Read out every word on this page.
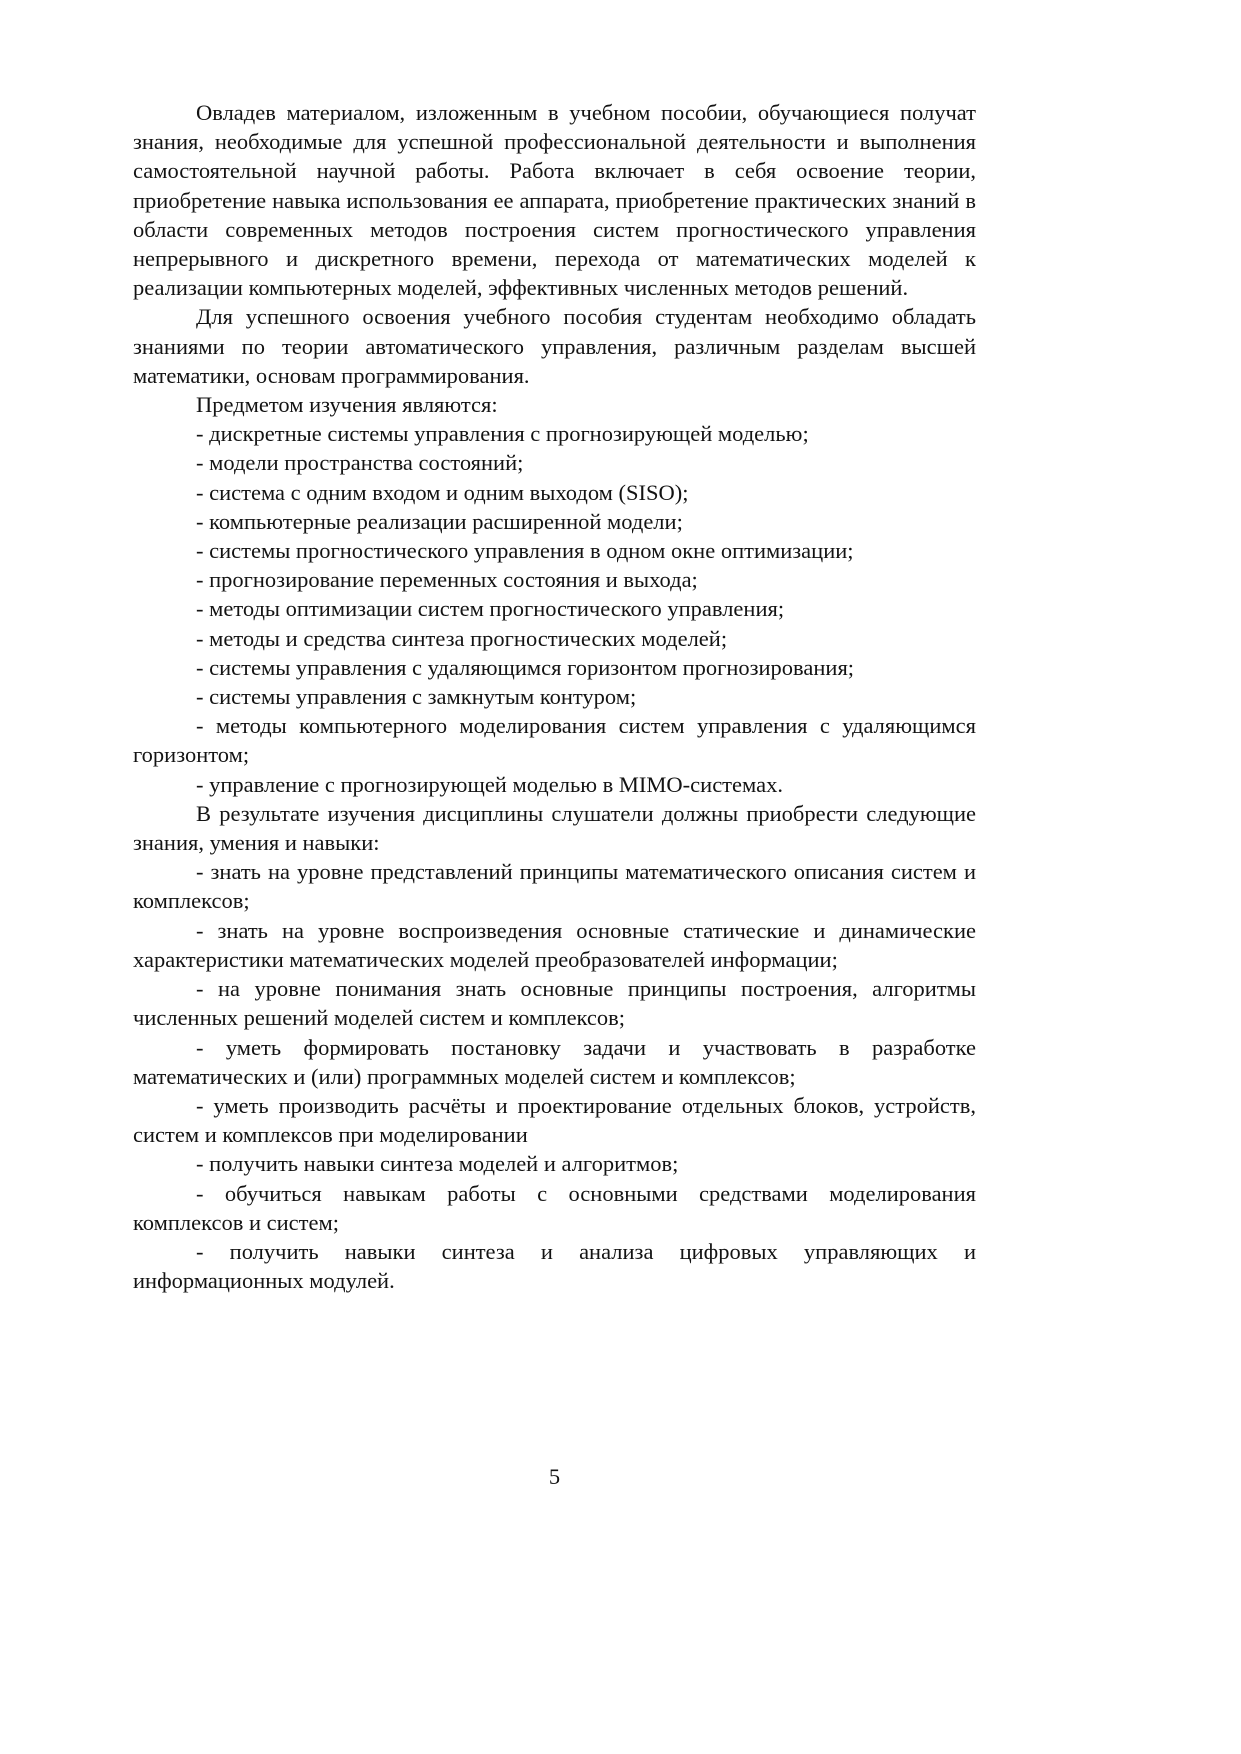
Овладев материалом, изложенным в учебном пособии, обучающиеся получат знания, необходимые для успешной профессиональной деятельности и выполнения самостоятельной научной работы. Работа включает в себя освоение теории, приобретение навыка использования ее аппарата, приобретение практических знаний в области современных методов построения систем прогностического управления непрерывного и дискретного времени, перехода от математических моделей к реализации компьютерных моделей, эффективных численных методов решений.

Для успешного освоения учебного пособия студентам необходимо обладать знаниями по теории автоматического управления, различным разделам высшей математики, основам программирования.

Предметом изучения являются:

- дискретные системы управления с прогнозирующей моделью;

- модели пространства состояний;

- система с одним входом и одним выходом (SISO);

- компьютерные реализации расширенной модели;

- системы прогностического управления в одном окне оптимизации;

- прогнозирование переменных состояния и выхода;

- методы оптимизации систем прогностического управления;

- методы и средства синтеза прогностических моделей;

- системы управления с удаляющимся горизонтом прогнозирования;

- системы управления с замкнутым контуром;

- методы компьютерного моделирования систем управления с удаляющимся горизонтом;

- управление с прогнозирующей моделью в MIMO-системах.

В результате изучения дисциплины слушатели должны приобрести следующие знания, умения и навыки:

- знать на уровне представлений принципы математического описания систем и комплексов;

- знать на уровне воспроизведения основные статические и динамические характеристики математических моделей преобразователей информации;

- на уровне понимания знать основные принципы построения, алгоритмы численных решений моделей систем и комплексов;

- уметь формировать постановку задачи и участвовать в разработке математических и (или) программных моделей систем и комплексов;

- уметь производить расчёты и проектирование отдельных блоков, устройств, систем и комплексов при моделировании

- получить навыки синтеза моделей и алгоритмов;

- обучиться навыкам работы с основными средствами моделирования комплексов и систем;

- получить навыки синтеза и анализа цифровых управляющих и информационных модулей.

5
